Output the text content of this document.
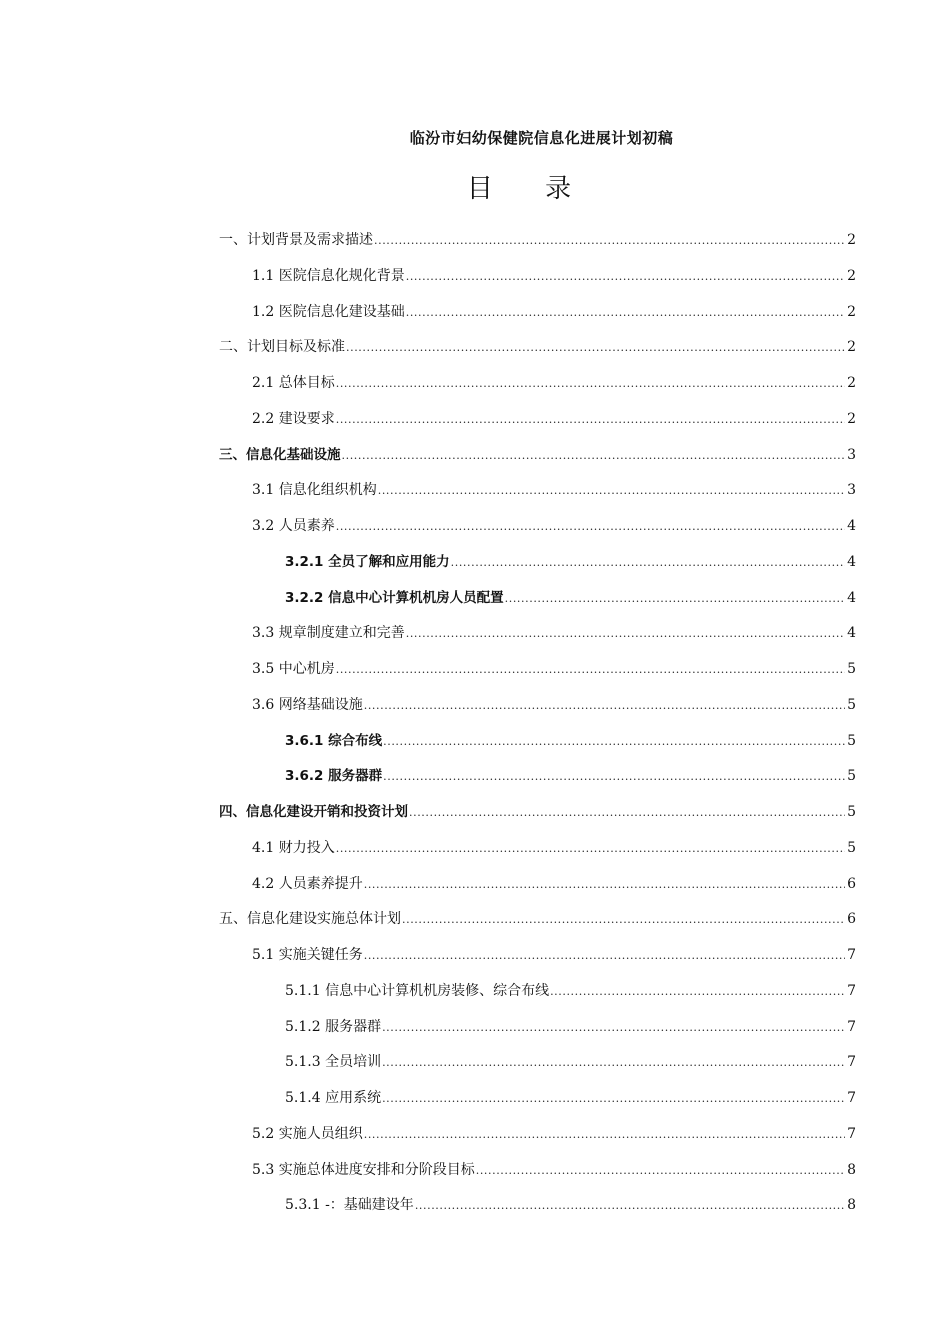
临汾市妇幼保健院信息化进展计划初稿
目 录
一、计划背景及需求描述 .....	2
1.1 医院信息化规化背景 .....	2
1.2 医院信息化建设基础 .....	2
二、计划目标及标准 .....	2
2.1 总体目标 .....	2
2.2 建设要求 .....	2
三、信息化基础设施 .....	3
3.1 信息化组织机构 .....	3
3.2 人员素养 .....	4
3.2.1 全员了解和应用能力 .....	4
3.2.2 信息中心计算机机房人员配置 .....	4
3.3 规章制度建立和完善 .....	4
3.5 中心机房 .....	5
3.6 网络基础设施 .....	5
3.6.1 综合布线 .....	5
3.6.2 服务器群 .....	5
四、信息化建设开销和投资计划 .....	5
4.1 财力投入 .....	5
4.2 人员素养提升 .....	6
五、信息化建设实施总体计划 .....	6
5.1 实施关键任务 .....	7
5.1.1 信息中心计算机机房装修、综合布线 .....	7
5.1.2 服务器群 .....	7
5.1.3 全员培训 .....	7
5.1.4 应用系统 .....	7
5.2 实施人员组织 .....	7
5.3 实施总体进度安排和分阶段目标 .....	8
5.3.1 -：基础建设年 .....	8
